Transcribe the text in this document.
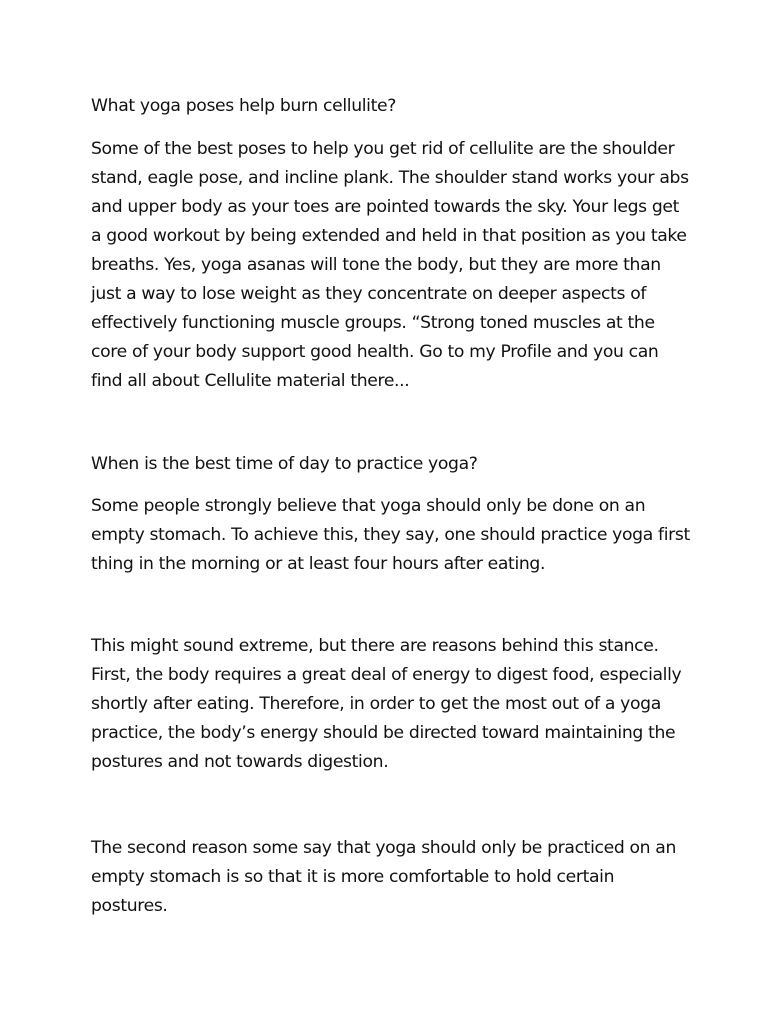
What yoga poses help burn cellulite?

Some of the best poses to help you get rid of cellulite are the shoulder
stand, eagle pose, and incline plank. The shoulder stand works your abs
and upper body as your toes are pointed towards the sky. Your legs get
a good workout by being extended and held in that position as you take
breaths. Yes, yoga asanas will tone the body, but they are more than
just a way to lose weight as they concentrate on deeper aspects of
effectively functioning muscle groups. “Strong toned muscles at the
core of your body support good health. Go to my Profile and you can
find all about Cellulite material there...

When is the best time of day to practice yoga?

Some people strongly believe that yoga should only be done on an
empty stomach. To achieve this, they say, one should practice yoga first
thing in the morning or at least four hours after eating.

This might sound extreme, but there are reasons behind this stance.
First, the body requires a great deal of energy to digest food, especially
shortly after eating. Therefore, in order to get the most out of a yoga
practice, the body’s energy should be directed toward maintaining the
postures and not towards digestion.

The second reason some say that yoga should only be practiced on an
empty stomach is so that it is more comfortable to hold certain
postures.
